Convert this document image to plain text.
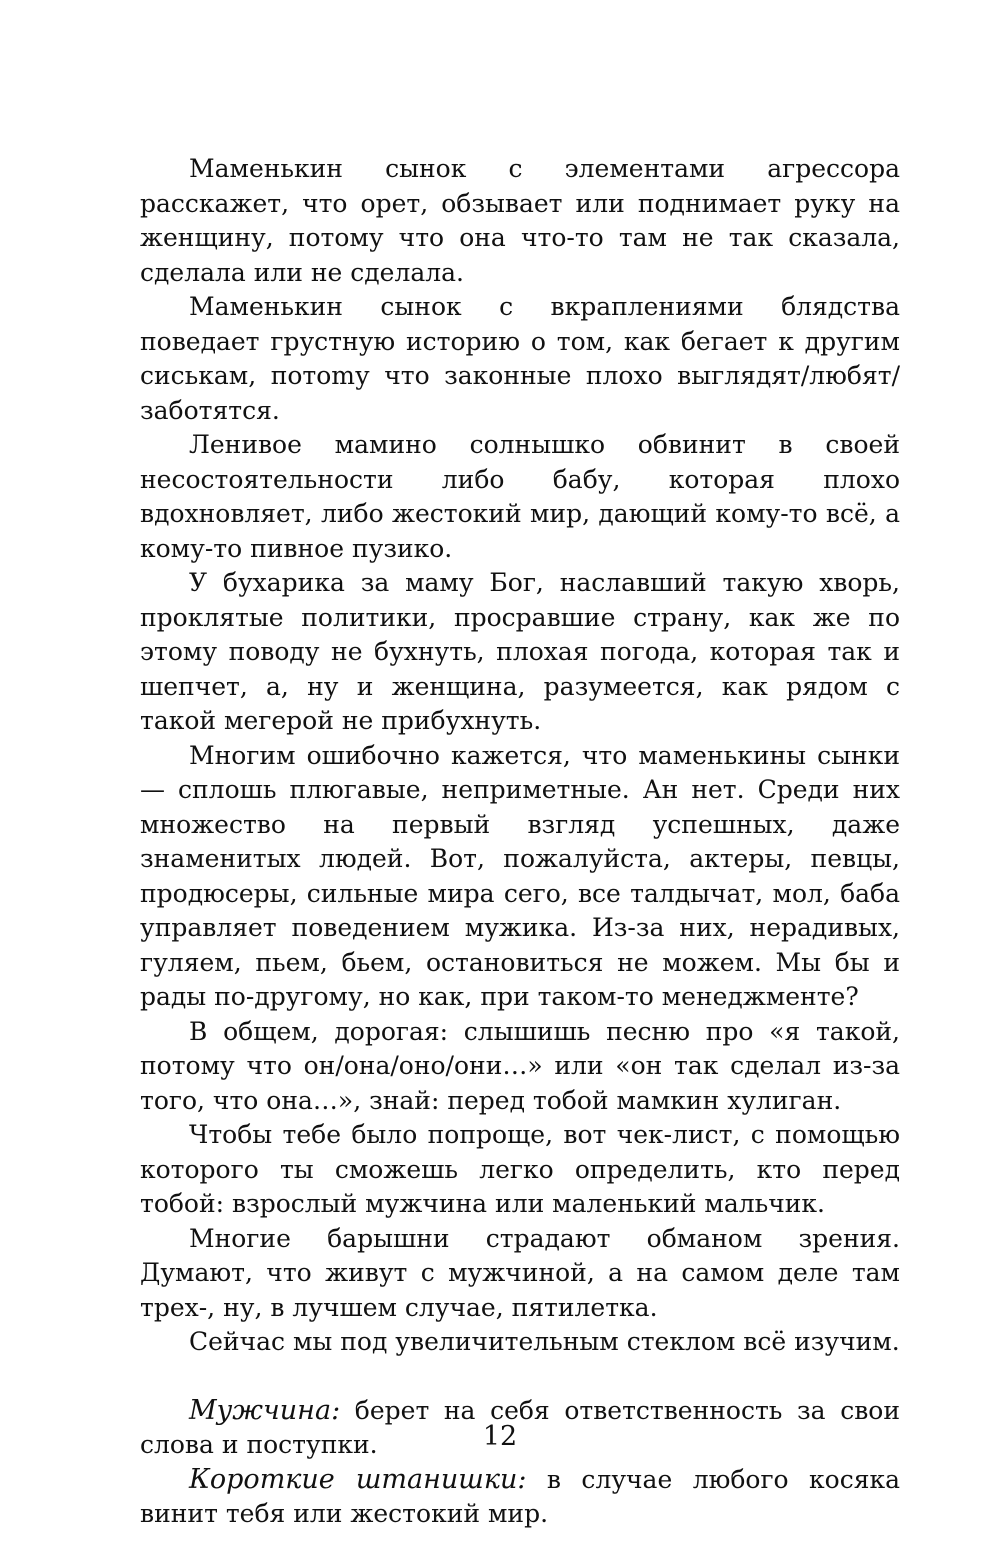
Маменькин сынок с элементами агрессора расскажет, что орет, обзывает или поднимает руку на женщину, потому что она что-то там не так сказала, сделала или не сделала.

Маменькин сынок с вкраплениями блядства поведает грустную историю о том, как бегает к другим сиськам, потоmу что законные плохо выглядят/любят/заботятся.

Ленивое мамино солнышко обвинит в своей несостоятельности либо бабу, которая плохо вдохновляет, либо жестокий мир, дающий кому-то всё, а кому-то пивное пузико.

У бухарика за маму Бог, наславший такую хворь, проклятые политики, просравшие страну, как же по этому поводу не бухнуть, плохая погода, которая так и шепчет, а, ну и женщина, разумеется, как рядом с такой мегерой не прибухнуть.

Многим ошибочно кажется, что маменькины сынки — сплошь плюгавые, неприметные. Ан нет. Среди них множество на первый взгляд успешных, даже знаменитых людей. Вот, пожалуйста, актеры, певцы, продюсеры, сильные мира сего, все талдычат, мол, баба управляет поведением мужика. Из-за них, нерадивых, гуляем, пьем, бьем, остановиться не можем. Мы бы и рады по-другому, но как, при таком-то менеджменте?

В общем, дорогая: слышишь песню про «я такой, потому что он/она/оно/они…» или «он так сделал из-за того, что она…», знай: перед тобой мамкин хулиган.

Чтобы тебе было попроще, вот чек-лист, с помощью которого ты сможешь легко определить, кто перед тобой: взрослый мужчина или маленький мальчик.

Многие барышни страдают обманом зрения. Думают, что живут с мужчиной, а на самом деле там трех-, ну, в лучшем случае, пятилетка.

Сейчас мы под увеличительным стеклом всё изучим.

Мужчина: берет на себя ответственность за свои слова и поступки.

Короткие штанишки: в случае любого косяка винит тебя или жестокий мир.

12
